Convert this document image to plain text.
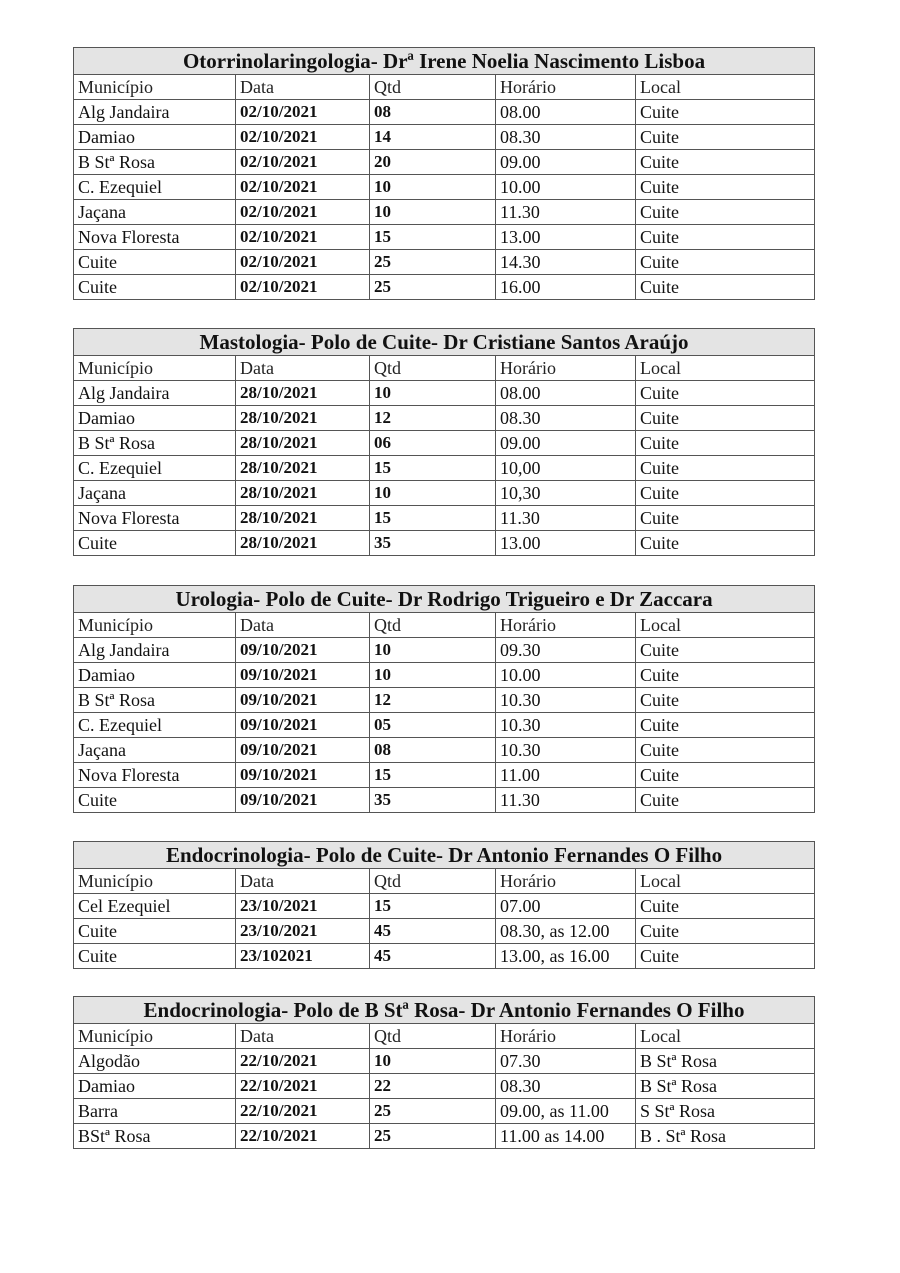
Otorrinolaringologia- Drª Irene Noelia Nascimento Lisboa				
Município	Data	Qtd	Horário	Local
Alg Jandaira	02/10/2021	08	08.00	Cuite
Damiao	02/10/2021	14	08.30	Cuite
B Stª Rosa	02/10/2021	20	09.00	Cuite
C. Ezequiel	02/10/2021	10	10.00	Cuite
Jaçana	02/10/2021	10	11.30	Cuite
Nova Floresta	02/10/2021	15	13.00	Cuite
Cuite	02/10/2021	25	14.30	Cuite
Cuite	02/10/2021	25	16.00	Cuite
Mastologia- Polo de Cuite- Dr Cristiane Santos Araújo				
Município	Data	Qtd	Horário	Local
Alg Jandaira	28/10/2021	10	08.00	Cuite
Damiao	28/10/2021	12	08.30	Cuite
B Stª Rosa	28/10/2021	06	09.00	Cuite
C. Ezequiel	28/10/2021	15	10,00	Cuite
Jaçana	28/10/2021	10	10,30	Cuite
Nova Floresta	28/10/2021	15	11.30	Cuite
Cuite	28/10/2021	35	13.00	Cuite
Urologia- Polo de Cuite- Dr Rodrigo Trigueiro e Dr Zaccara				
Município	Data	Qtd	Horário	Local
Alg Jandaira	09/10/2021	10	09.30	Cuite
Damiao	09/10/2021	10	10.00	Cuite
B Stª Rosa	09/10/2021	12	10.30	Cuite
C. Ezequiel	09/10/2021	05	10.30	Cuite
Jaçana	09/10/2021	08	10.30	Cuite
Nova Floresta	09/10/2021	15	11.00	Cuite
Cuite	09/10/2021	35	11.30	Cuite
Endocrinologia- Polo de Cuite- Dr Antonio Fernandes O Filho				
Município	Data	Qtd	Horário	Local
Cel Ezequiel	23/10/2021	15	07.00	Cuite
Cuite	23/10/2021	45	08.30, as 12.00	Cuite
Cuite	23/102021	45	13.00, as 16.00	Cuite
Endocrinologia- Polo de B Stª Rosa- Dr Antonio Fernandes O Filho				
Município	Data	Qtd	Horário	Local
Algodão	22/10/2021	10	07.30	B Stª Rosa
Damiao	22/10/2021	22	08.30	B Stª Rosa
Barra	22/10/2021	25	09.00, as 11.00	S Stª Rosa
BStª Rosa	22/10/2021	25	11.00 as 14.00	B . Stª Rosa
